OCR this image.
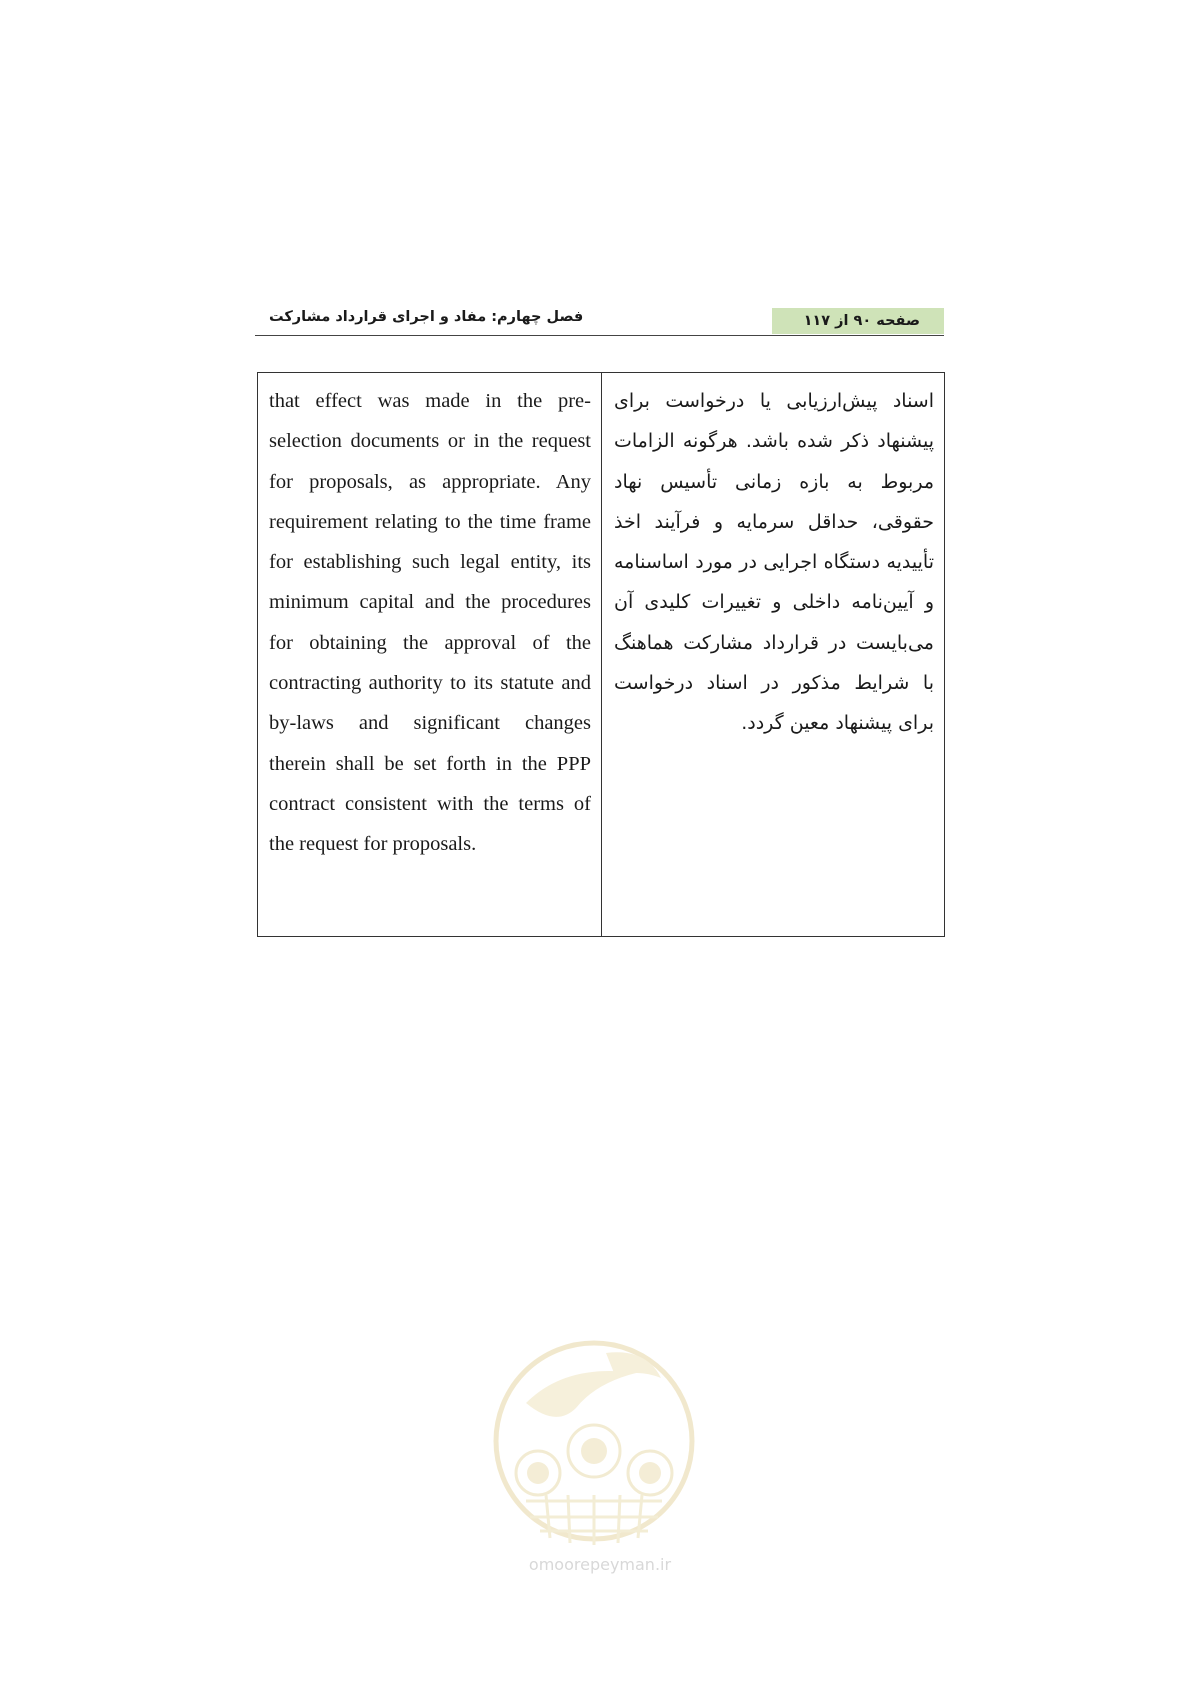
فصل چهارم: مفاد و اجرای قرارداد مشارکت	صفحه ۹۰ از ۱۱۷

that effect was made in the pre-selection documents or in the request for proposals, as appropriate. Any requirement relating to the time frame for establishing such legal entity, its minimum capital and the procedures for obtaining the approval of the contracting authority to its statute and by-laws and significant changes therein shall be set forth in the PPP contract consistent with the terms of the request for proposals.

اسناد پیش‌ارزیابی یا درخواست برای پیشنهاد ذکر شده باشد. هرگونه الزامات مربوط به بازه زمانی تأسیس نهاد حقوقی، حداقل سرمایه و فرآیند اخذ تأییدیه دستگاه اجرایی در مورد اساسنامه و آیین‌نامه داخلی و تغییرات کلیدی آن می‌بایست در قرارداد مشارکت هماهنگ با شرایط مذکور در اسناد درخواست برای پیشنهاد معین گردد.

omoorepeyman.ir
